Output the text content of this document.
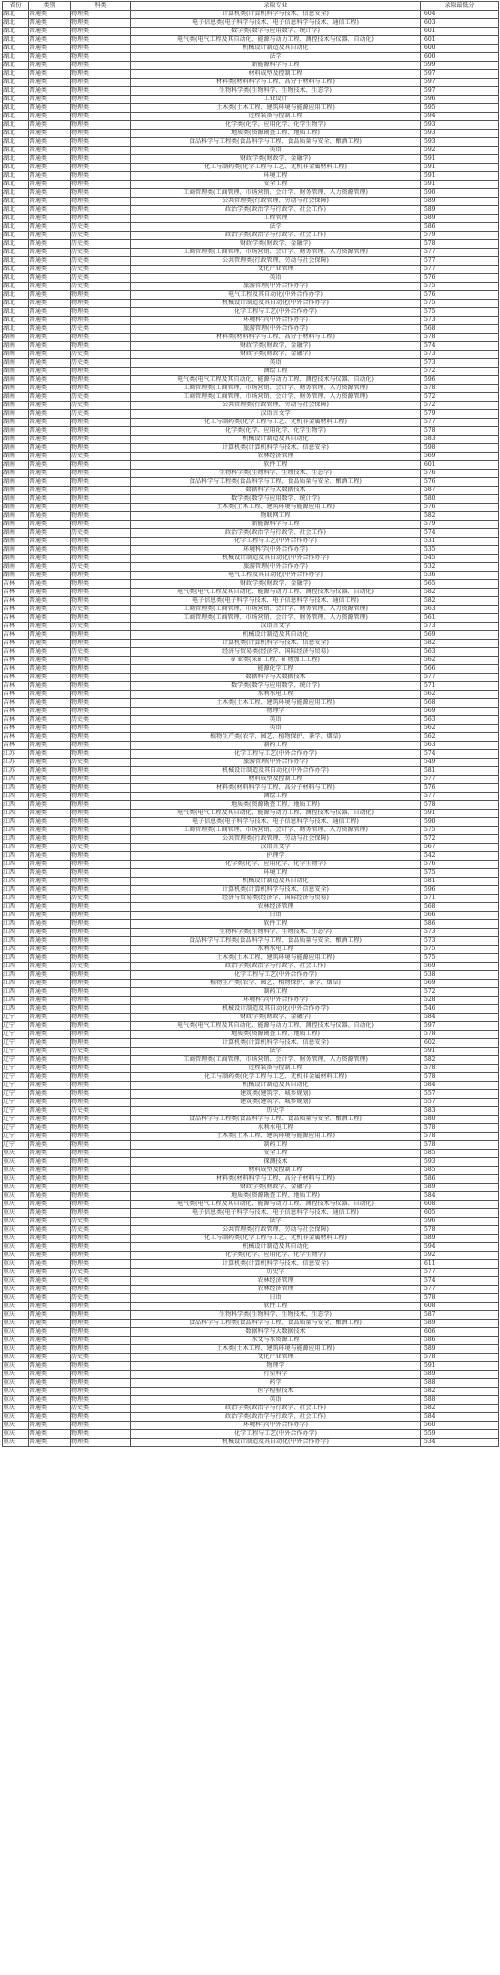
省份	类别	科类	录取专业	录取最低分
湖北	普通类	物理类	计算机类(计算机科学与技术、信息安全)	604
湖北	普通类	物理类	电子信息类(电子科学与技术、电子信息科学与技术、通信工程)	603
湖北	普通类	物理类	数学类(数学与应用数学、统计学)	601
湖北	普通类	物理类	电气类(电气工程及其自动化、能源与动力工程、测控技术与仪器、自动化)	601
湖北	普通类	物理类	机械设计制造及其自动化	600
湖北	普通类	物理类	法学	600
湖北	普通类	物理类	新能源科学与工程	599
湖北	普通类	物理类	材料成型及控制工程	597
湖北	普通类	物理类	材料类(材料科学与工程、高分子材料与工程)	597
湖北	普通类	物理类	生物科学类(生物科学、生物技术、生态学)	597
湖北	普通类	物理类	工业设计	596
湖北	普通类	物理类	土木类(土木工程、建筑环境与能源应用工程)	595
湖北	普通类	物理类	过程装备与控制工程	594
湖北	普通类	物理类	化学类(化学、应用化学、化学生物学)	593
湖北	普通类	物理类	地质类(资源勘查工程、地质工程)	593
湖北	普通类	物理类	食品科学与工程类(食品科学与工程、食品质量与安全、酿酒工程)	593
湖北	普通类	物理类	英语	592
湖北	普通类	物理类	财政学类(财政学、金融学)	591
湖北	普通类	物理类	化工与制药类(化学工程与工艺、无机非金属材料工程)	591
湖北	普通类	物理类	环境工程	591
湖北	普通类	物理类	安全工程	591
湖北	普通类	物理类	工商管理类(工商管理、市场营销、会计学、财务管理、人力资源管理)	590
湖北	普通类	物理类	公共管理类(行政管理、劳动与社会保障)	589
湖北	普通类	物理类	政治学类(政治学与行政学、社会工作)	589
湖北	普通类	物理类	工程管理	589
湖北	普通类	历史类	法学	586
湖北	普通类	历史类	政治学类(政治学与行政学、社会工作)	579
湖北	普通类	历史类	财政学类(财政学、金融学)	578
湖北	普通类	历史类	工商管理类(工商管理、市场营销、会计学、财务管理、人力资源管理)	577
湖北	普通类	历史类	公共管理类(行政管理、劳动与社会保障)	577
湖北	普通类	历史类	文化产业管理	577
湖北	普通类	历史类	英语	576
湖北	普通类	历史类	旅游管理(中外合作办学)	575
湖北	普通类	物理类	电气工程及其自动化(中外合作办学)	576
湖北	普通类	物理类	机械设计制造及其自动化(中外合作办学)	575
湖北	普通类	物理类	化学工程与工艺(中外合作办学)	575
湖北	普通类	物理类	环境科学(中外合作办学)	573
湖北	普通类	历史类	旅游管理(中外合作办学)	568
湖南	普通类	物理类	材料类(材料科学与工程、高分子材料与工程)	578
湖南	普通类	物理类	财政学类(财政学、金融学)	574
湖南	普通类	历史类	财政学类(财政学、金融学)	573
湖南	普通类	历史类	英语	573
湖南	普通类	物理类	测绘工程	572
湖南	普通类	物理类	电气类(电气工程及其自动化、能源与动力工程、测控技术与仪器、自动化)	596
湖南	普通类	物理类	工商管理类(工商管理、市场营销、会计学、财务管理、人力资源管理)	578
湖南	普通类	历史类	工商管理类(工商管理、市场营销、会计学、财务管理、人力资源管理)	572
湖南	普通类	历史类	公共管理类(行政管理、劳动与社会保障)	572
湖南	普通类	历史类	汉语言文学	579
湖南	普通类	物理类	化工与制药类(化学工程与工艺、无机非金属材料工程)	577
湖南	普通类	物理类	化学类(化学、应用化学、化学生物学)	578
湖南	普通类	物理类	机械设计制造及其自动化	583
湖南	普通类	物理类	计算机类(计算机科学与技术、信息安全)	598
湖南	普通类	历史类	农林经济管理	569
湖南	普通类	物理类	软件工程	601
湖南	普通类	物理类	生物科学类(生物科学、生物技术、生态学)	576
湖南	普通类	物理类	食品科学与工程类(食品科学与工程、食品质量与安全、酿酒工程)	576
湖南	普通类	物理类	数据科学与大数据技术	587
湖南	普通类	物理类	数学类(数学与应用数学、统计学)	580
湖南	普通类	物理类	土木类(土木工程、建筑环境与能源应用工程)	576
湖南	普通类	物理类	物联网工程	582
湖南	普通类	物理类	新能源科学与工程	579
湖南	普通类	历史类	政治学类(政治学与行政学、社会工作)	574
湖南	普通类	物理类	化学工程与工艺(中外合作办学)	531
湖南	普通类	物理类	环境科学(中外合作办学)	535
湖南	普通类	物理类	机械设计制造及其自动化(中外合作办学)	545
湖南	普通类	历史类	旅游管理(中外合作办学)	532
湖南	普通类	物理类	电气工程及其自动化(中外合作办学)	536
吉林	普通类	物理类	财政学类(财政学、金融学)	565
吉林	普通类	物理类	电气类(电气工程及其自动化、能源与动力工程、测控技术与仪器、自动化)	582
吉林	普通类	物理类	电子信息类(电子科学与技术、电子信息科学与技术、通信工程)	582
吉林	普通类	历史类	工商管理类(工商管理、市场营销、会计学、财务管理、人力资源管理)	563
吉林	普通类	物理类	工商管理类(工商管理、市场营销、会计学、财务管理、人力资源管理)	561
吉林	普通类	历史类	汉语言文学	573
吉林	普通类	物理类	机械设计制造及其自动化	569
吉林	普通类	物理类	计算机类(计算机科学与技术、信息安全)	582
吉林	普通类	历史类	经济与贸易类(经济学、国际经济与贸易)	563
吉林	普通类	物理类	矿业类(采矿工程、矿物加工工程)	562
吉林	普通类	物理类	能源化学工程	566
吉林	普通类	物理类	数据科学与大数据技术	577
吉林	普通类	物理类	数学类(数学与应用数学、统计学)	571
吉林	普通类	物理类	水利水电工程	562
吉林	普通类	物理类	土木类(土木工程、建筑环境与能源应用工程)	568
吉林	普通类	物理类	物理学	569
吉林	普通类	历史类	英语	563
吉林	普通类	物理类	英语	562
吉林	普通类	物理类	植物生产类(农学、园艺、植物保护、茶学、烟草)	562
吉林	普通类	物理类	制药工程	563
江苏	普通类	物理类	化学工程与工艺(中外合作办学)	574
江苏	普通类	历史类	旅游管理(中外合作办学)	549
江苏	普通类	物理类	机械设计制造及其自动化(中外合作办学)	581
江西	普通类	物理类	材料成型及控制工程	577
江西	普通类	物理类	材料类(材料科学与工程、高分子材料与工程)	576
江西	普通类	物理类	测绘工程	577
江西	普通类	物理类	地质类(资源勘查工程、地质工程)	578
江西	普通类	物理类	电气类(电气工程及其自动化、能源与动力工程、测控技术与仪器、自动化)	591
江西	普通类	物理类	电子信息类(电子科学与技术、电子信息科学与技术、通信工程)	590
江西	普通类	物理类	工商管理类(工商管理、市场营销、会计学、财务管理、人力资源管理)	575
江西	普通类	物理类	公共管理类(行政管理、劳动与社会保障)	572
江西	普通类	历史类	汉语言文学	567
江西	普通类	物理类	护理学	542
江西	普通类	物理类	化学类(化学、应用化学、化学生物学)	576
江西	普通类	物理类	环境工程	575
江西	普通类	物理类	机械设计制造及其自动化	581
江西	普通类	物理类	计算机类(计算机科学与技术、信息安全)	596
江西	普通类	历史类	经济与贸易类(经济学、国际经济与贸易)	571
江西	普通类	物理类	农林经济管理	568
江西	普通类	物理类	日语	566
江西	普通类	物理类	软件工程	586
江西	普通类	物理类	生物科学类(生物科学、生物技术、生态学)	573
江西	普通类	物理类	食品科学与工程类(食品科学与工程、食品质量与安全、酿酒工程)	573
江西	普通类	物理类	水利水电工程	575
江西	普通类	物理类	土木类(土木工程、建筑环境与能源应用工程)	575
江西	普通类	历史类	政治学类(政治学与行政学、社会工作)	569
江西	普通类	物理类	化学工程与工艺(中外合作办学)	538
江西	普通类	物理类	植物生产类(农学、园艺、植物保护、茶学、烟草)	569
江西	普通类	物理类	制药工程	572
江西	普通类	物理类	环境科学(中外合作办学)	528
江西	普通类	物理类	机械设计制造及其自动化(中外合作办学)	546
辽宁	普通类	物理类	财政学类(财政学、金融学)	584
辽宁	普通类	物理类	电气类(电气工程及其自动化、能源与动力工程、测控技术与仪器、自动化)	597
辽宁	普通类	物理类	地质类(资源勘查工程、地质工程)	578
辽宁	普通类	物理类	计算机类(计算机科学与技术、信息安全)	602
辽宁	普通类	历史类	法学	591
辽宁	普通类	物理类	工商管理类(工商管理、市场营销、会计学、财务管理、人力资源管理)	582
辽宁	普通类	物理类	过程装备与控制工程	578
辽宁	普通类	物理类	化工与制药类(化学工程与工艺、无机非金属材料工程)	578
辽宁	普通类	物理类	机械设计制造及其自动化	584
辽宁	普通类	物理类	建筑类(建筑学、城乡规划)	557
辽宁	普通类	物理类	建筑类(建筑学、城乡规划)	557
辽宁	普通类	历史类	历史学	583
辽宁	普通类	物理类	食品科学与工程类(食品科学与工程、食品质量与安全、酿酒工程)	580
辽宁	普通类	物理类	水利水电工程	578
辽宁	普通类	物理类	土木类(土木工程、建筑环境与能源应用工程)	578
辽宁	普通类	物理类	制药工程	578
重庆	普通类	物理类	安全工程	585
重庆	普通类	物理类	探测技术	593
重庆	普通类	物理类	材料成型及控制工程	585
重庆	普通类	物理类	材料类(材料科学与工程、高分子材料与工程)	586
重庆	普通类	物理类	财政学类(财政学、金融学)	589
重庆	普通类	物理类	地质类(资源勘查工程、地质工程)	584
重庆	普通类	物理类	电气类(电气工程及其自动化、能源与动力工程、测控技术与仪器、自动化)	608
重庆	普通类	物理类	电子信息类(电子科学与技术、电子信息科学与技术、通信工程)	605
重庆	普通类	历史类	法学	596
重庆	普通类	历史类	公共管理类(行政管理、劳动与社会保障)	578
重庆	普通类	物理类	化工与制药类(化学工程与工艺、无机非金属材料工程)	589
重庆	普通类	物理类	机械设计制造及其自动化	594
重庆	普通类	物理类	化学类(化学、应用化学、化学生物学)	592
重庆	普通类	物理类	计算机类(计算机科学与技术、信息安全)	611
重庆	普通类	历史类	历史学	577
重庆	普通类	历史类	农林经济管理	574
重庆	普通类	物理类	农林经济管理	577
重庆	普通类	历史类	日语	578
重庆	普通类	物理类	软件工程	608
重庆	普通类	物理类	生物科学类(生物科学、生物技术、生态学)	587
重庆	普通类	物理类	食品科学与工程类(食品科学与工程、食品质量与安全、酿酒工程)	589
重庆	普通类	物理类	数据科学与大数据技术	606
重庆	普通类	物理类	水文与水资源工程	586
重庆	普通类	物理类	土木类(土木工程、建筑环境与能源应用工程)	589
重庆	普通类	历史类	文化产业管理	578
重庆	普通类	物理类	物理学	591
重庆	普通类	物理类	行星科学	589
重庆	普通类	物理类	药学	588
重庆	普通类	物理类	医学检验技术	582
重庆	普通类	物理类	英语	588
重庆	普通类	历史类	政治学类(政治学与行政学、社会工作)	582
重庆	普通类	物理类	政治学类(政治学与行政学、社会工作)	584
重庆	普通类	物理类	环境科学(中外合作办学)	560
重庆	普通类	物理类	化学工程与工艺(中外合作办学)	559
重庆	普通类	物理类	机械设计制造及其自动化(中外合作办学)	534
